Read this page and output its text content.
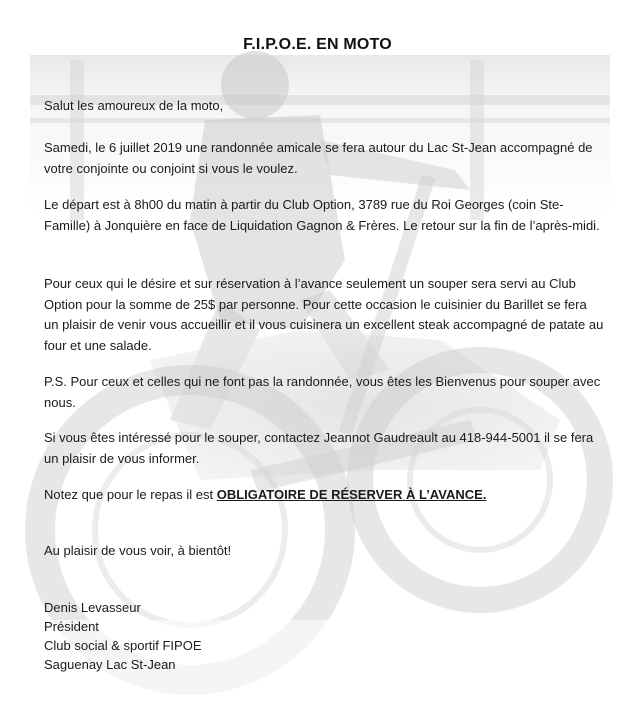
F.I.P.O.E. EN MOTO
Salut les amoureux de la moto,
Samedi, le 6 juillet 2019 une randonnée amicale se fera autour du Lac St-Jean accompagné de votre conjointe ou conjoint si vous le voulez.
Le départ est à 8h00 du matin à partir du Club Option, 3789 rue du Roi Georges (coin Ste-Famille) à Jonquière en face de Liquidation Gagnon & Frères. Le retour sur la fin de l’après-midi.
Pour ceux qui le désire et sur réservation à l’avance seulement un souper sera servi au Club Option pour la somme de 25$ par personne. Pour cette occasion le cuisinier du Barillet se fera un plaisir de venir vous accueillir et il vous cuisinera un excellent steak accompagné de patate au four et une salade.
P.S. Pour ceux et celles qui ne font pas la randonnée, vous êtes les Bienvenus pour souper avec nous.
Si vous êtes intéressé pour le souper, contactez Jeannot Gaudreault au 418-944-5001 il se fera un plaisir de vous informer.
Notez que pour le repas il est OBLIGATOIRE DE RÉSERVER À L’AVANCE.
Au plaisir de vous voir, à bientôt!
Denis Levasseur
Président
Club social & sportif FIPOE
Saguenay Lac St-Jean
